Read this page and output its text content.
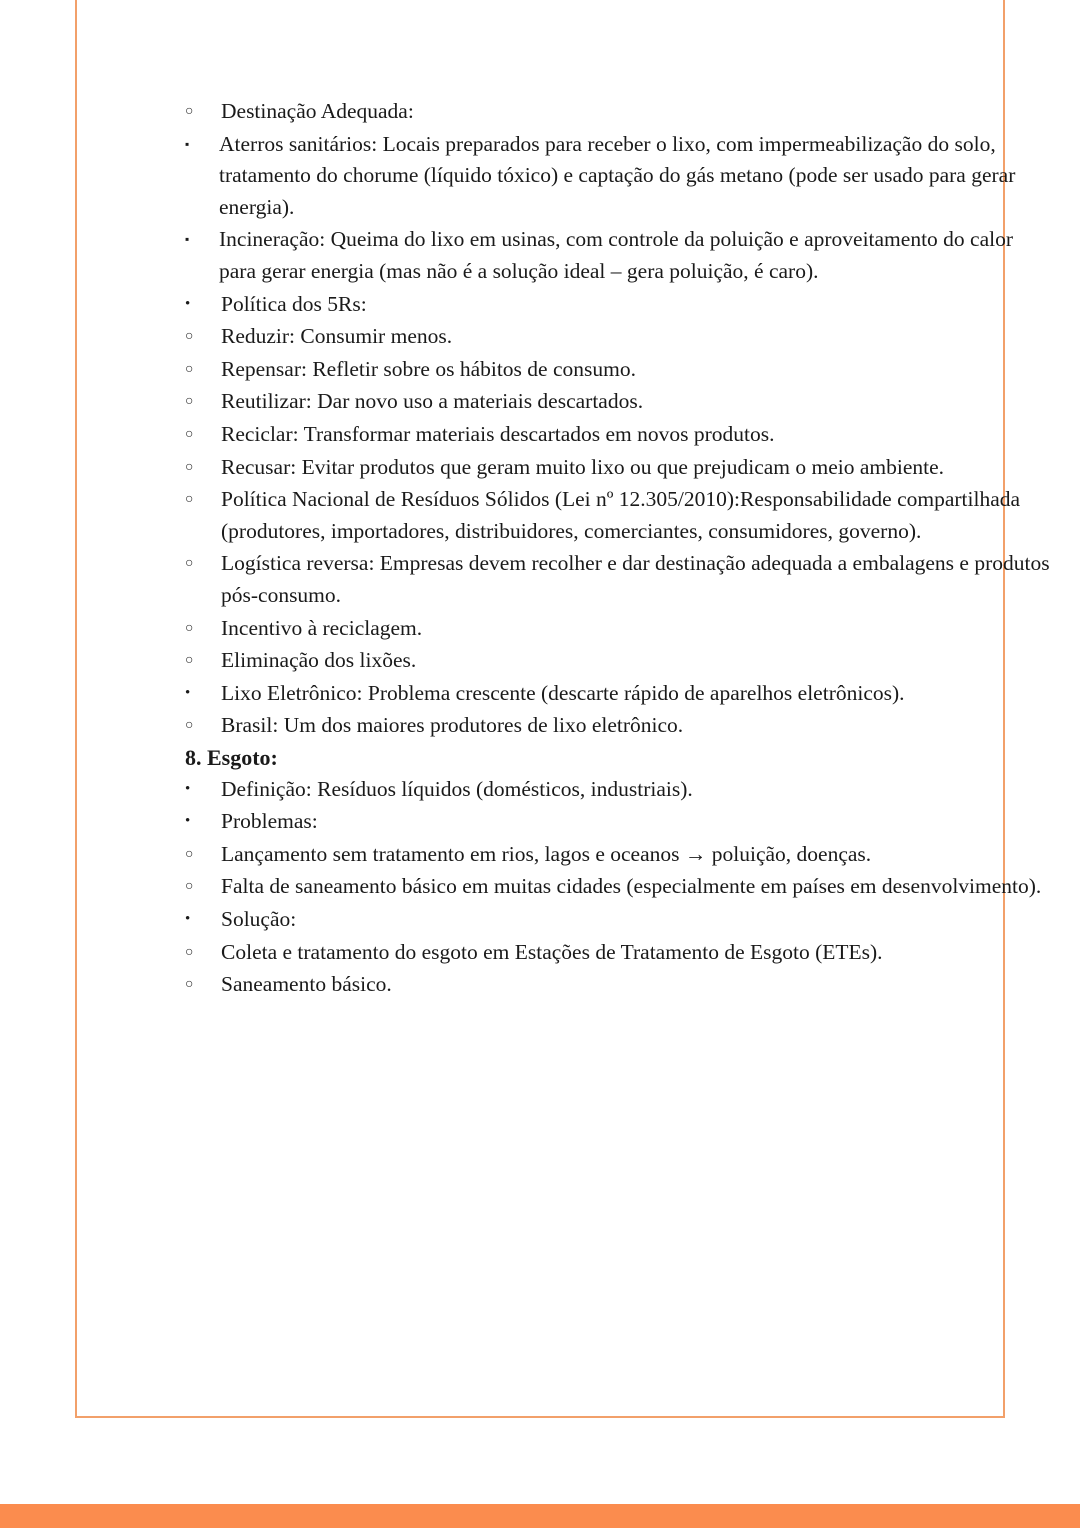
○	Destinação Adequada:
▪	Aterros sanitários: Locais preparados para receber o lixo, com impermeabilização do solo, tratamento do chorume (líquido tóxico) e captação do gás metano (pode ser usado para gerar energia).
▪	Incineração: Queima do lixo em usinas, com controle da poluição e aproveitamento do calor para gerar energia (mas não é a solução ideal – gera poluição, é caro).
•	Política dos 5Rs:
○	Reduzir: Consumir menos.
○	Repensar: Refletir sobre os hábitos de consumo.
○	Reutilizar: Dar novo uso a materiais descartados.
○	Reciclar: Transformar materiais descartados em novos produtos.
○	Recusar: Evitar produtos que geram muito lixo ou que prejudicam o meio ambiente.
○	Política Nacional de Resíduos Sólidos (Lei nº 12.305/2010):Responsabilidade compartilhada (produtores, importadores, distribuidores, comerciantes, consumidores, governo).
○	Logística reversa: Empresas devem recolher e dar destinação adequada a embalagens e produtos pós-consumo.
○	Incentivo à reciclagem.
○	Eliminação dos lixões.
•	Lixo Eletrônico: Problema crescente (descarte rápido de aparelhos eletrônicos).
○	Brasil: Um dos maiores produtores de lixo eletrônico.
8. Esgoto:
•	Definição: Resíduos líquidos (domésticos, industriais).
•	Problemas:
○	Lançamento sem tratamento em rios, lagos e oceanos → poluição, doenças.
○	Falta de saneamento básico em muitas cidades (especialmente em países em desenvolvimento).
•	Solução:
○	Coleta e tratamento do esgoto em Estações de Tratamento de Esgoto (ETEs).
○	Saneamento básico.
